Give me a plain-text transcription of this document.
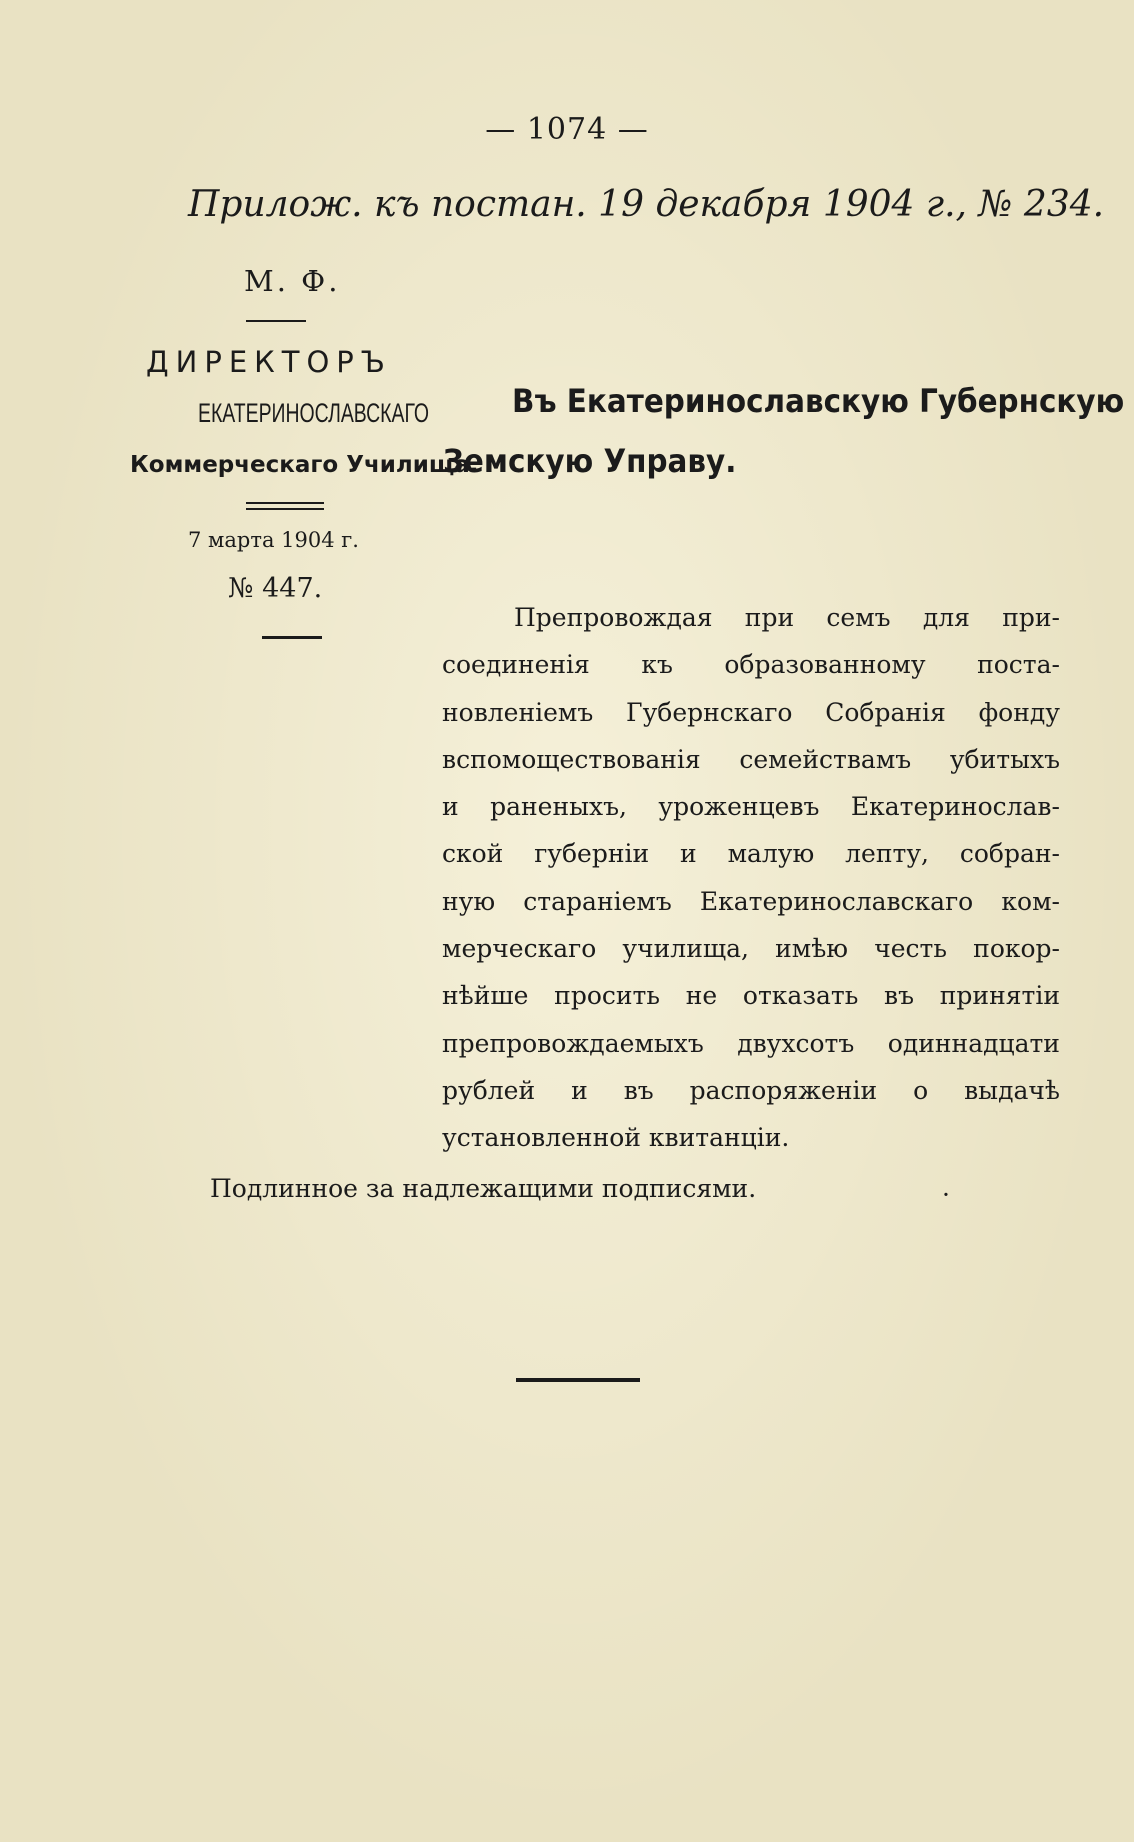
— 1074 —
Прилож. къ постан. 19 декабря 1904 г., № 234.
М. Ф.
ДИРЕКТОРЪ
ЕКАТЕРИНОСЛАВСКАГО
Коммерческаго Училища.
Въ Екатеринославскую Губернскую
Земскую Управу.
7 марта 1904 г.
№ 447.
Препровождая при семъ для при-
соединенія къ образованному поста-
новленіемъ Губернскаго Собранія фонду
вспомоществованія семействамъ убитыхъ
и раненыхъ, уроженцевъ Екатеринослав-
ской губерніи и малую лепту, собран-
ную стараніемъ Екатеринославскаго ком-
мерческаго училища, имѣю честь покор-
нѣйше просить не отказать въ принятіи
препровождаемыхъ двухсотъ одиннадцати
рублей и въ распоряженіи о выдачѣ
установленной квитанціи.
Подлинное за надлежащими подписями.	·
